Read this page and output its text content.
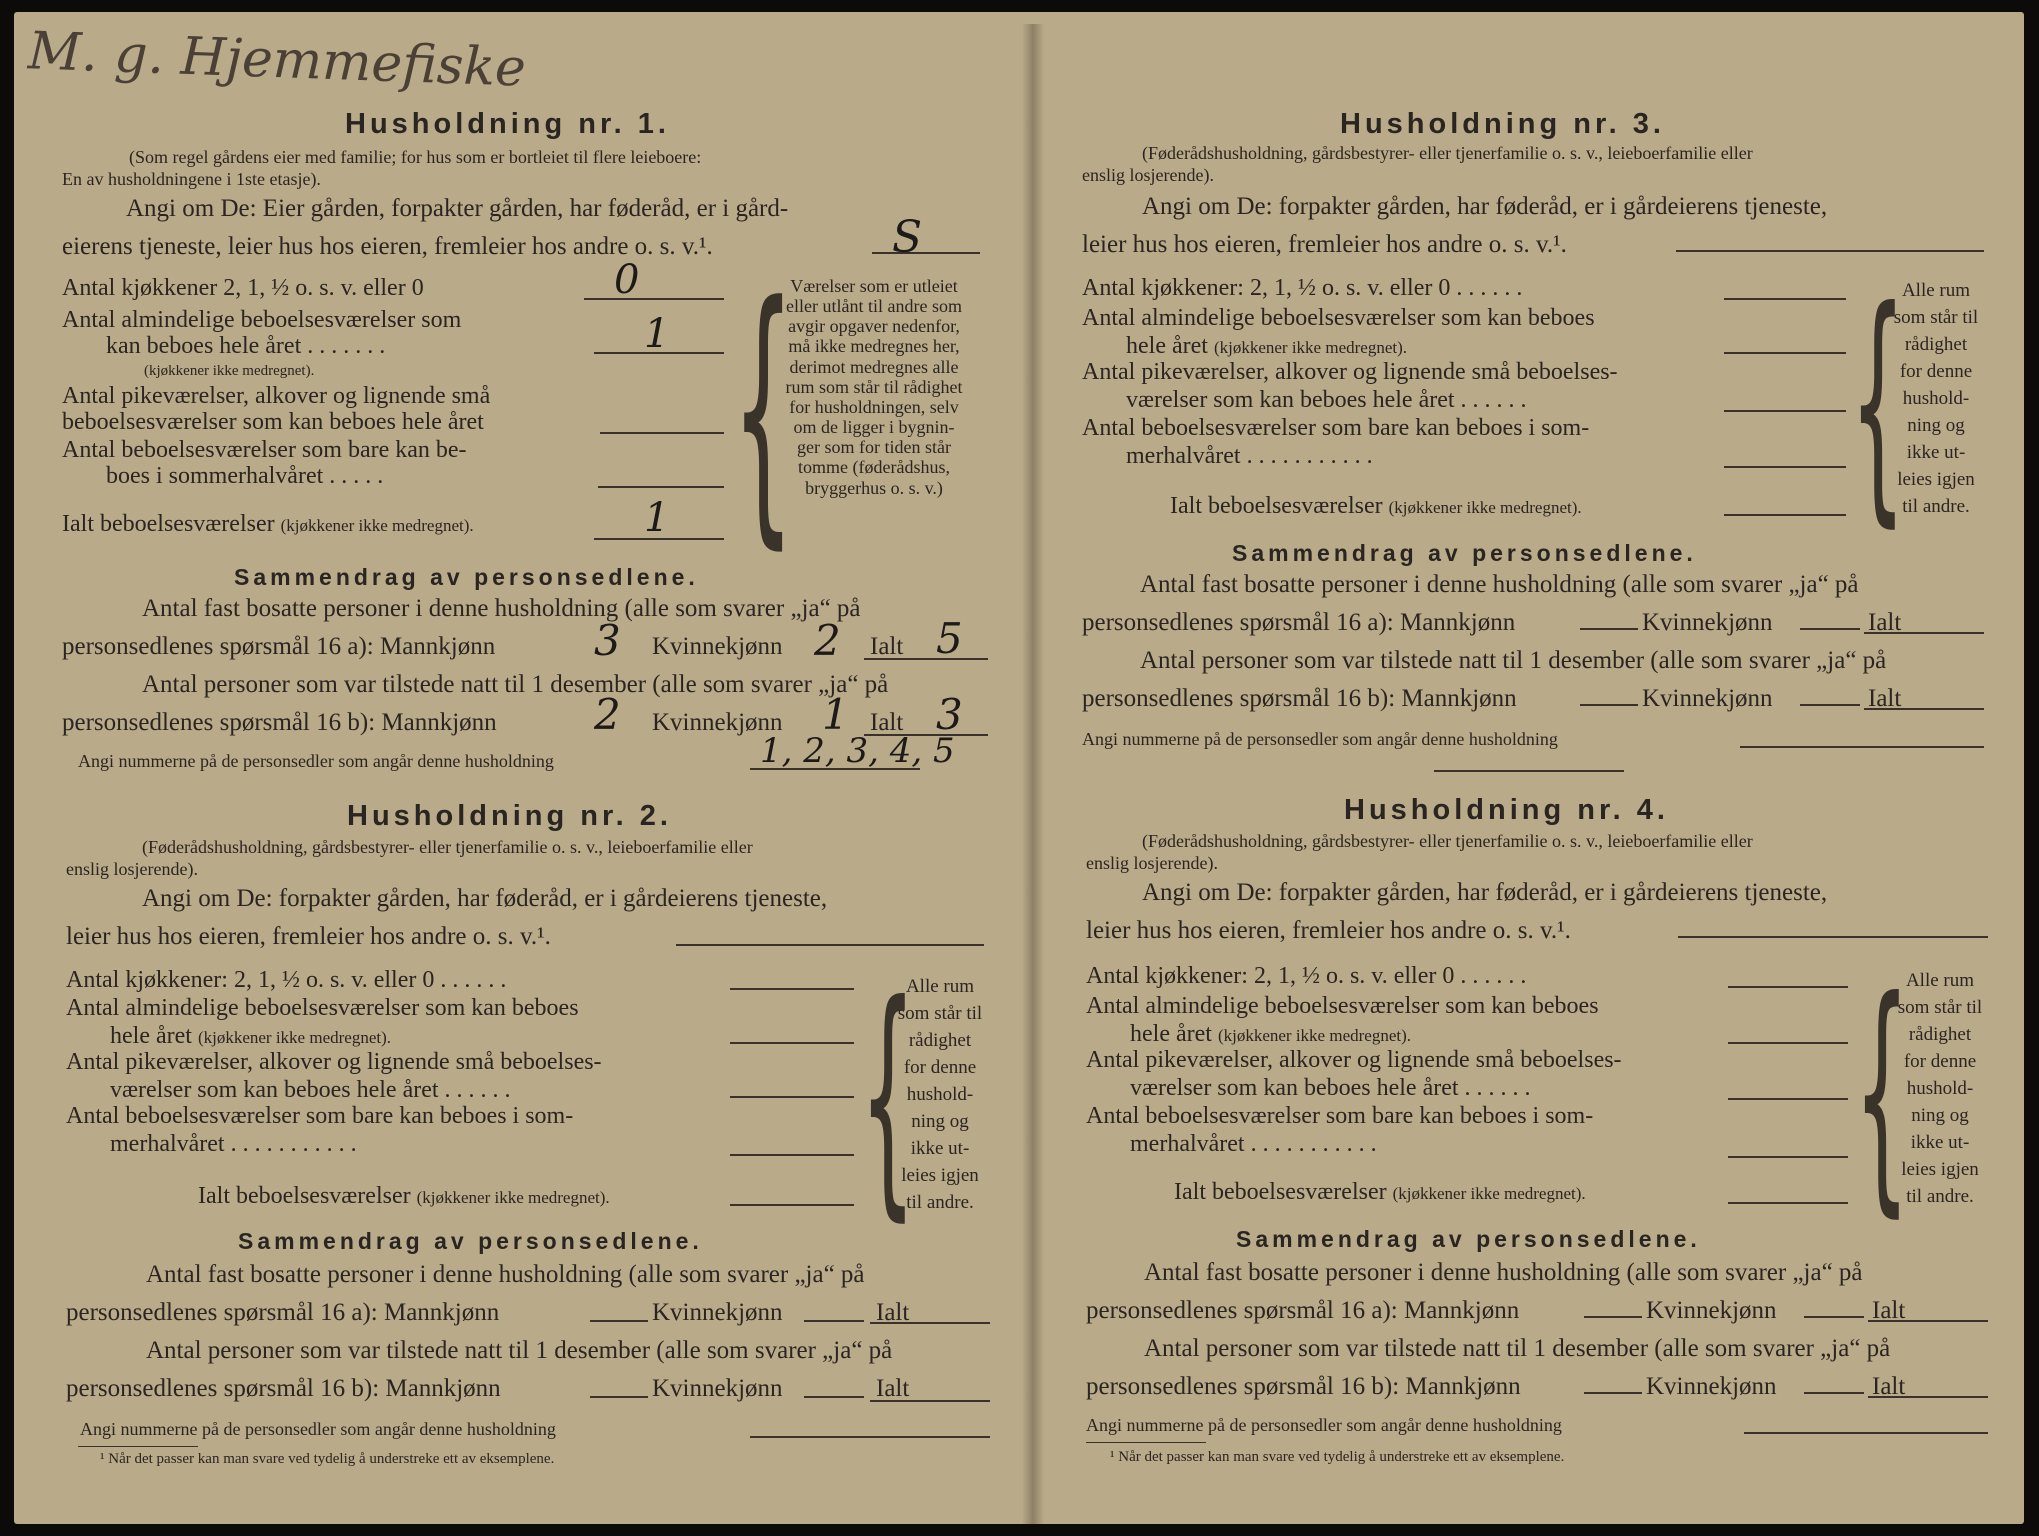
M. g. Hjemmefiske
Husholdning nr. 1.
(Som regel gårdens eier med familie; for hus som er bortleiet til flere leieboere:
En av husholdningene i 1ste etasje).
Angi om De: Eier gården, forpakter gården, har føderåd, er i gård-
eierens tjeneste, leier hus hos eieren, fremleier hos andre o. s. v.¹.	S
Antal kjøkkener 2, 1, ½ o. s. v. eller 0	0
Antal almindelige beboelsesværelser som
kan beboes hele året . . . . . . .	1
(kjøkkener ikke medregnet).
Antal pikeværelser, alkover og lignende små
beboelsesværelser som kan beboes hele året
Antal beboelsesværelser som bare kan be-
boes i sommerhalvåret . . . . .
Ialt beboelsesværelser (kjøkkener ikke medregnet).	1 {
Værelser som er utleiet
eller utlånt til andre som
avgir opgaver nedenfor,
må ikke medregnes her,
derimot medregnes alle
rum som står til rådighet
for husholdningen, selv
om de ligger i bygnin-
ger som for tiden står
tomme (føderådshus,
bryggerhus o. s. v.)
Sammendrag av personsedlene.
Antal fast bosatte personer i denne husholdning (alle som svarer „ja“ på
personsedlenes spørsmål 16 a): Mannkjønn 3 Kvinnekjønn 2 Ialt 5
Antal personer som var tilstede natt til 1 desember (alle som svarer „ja“ på
personsedlenes spørsmål 16 b): Mannkjønn 2 Kvinnekjønn 1 Ialt 3
Angi nummerne på de personsedler som angår denne husholdning	1, 2, 3, 4, 5
Husholdning nr. 2.
(Føderådshusholdning, gårdsbestyrer- eller tjenerfamilie o. s. v., leieboerfamilie eller
enslig losjerende).
Angi om De: forpakter gården, har føderåd, er i gårdeierens tjeneste,
leier hus hos eieren, fremleier hos andre o. s. v.¹.
Antal kjøkkener: 2, 1, ½ o. s. v. eller 0 . . . . . .
Antal almindelige beboelsesværelser som kan beboes
hele året (kjøkkener ikke medregnet).
Antal pikeværelser, alkover og lignende små beboelses-
værelser som kan beboes hele året . . . . . .
Antal beboelsesværelser som bare kan beboes i som-
merhalvåret . . . . . . . . . . .
Ialt beboelsesværelser (kjøkkener ikke medregnet). {
Alle rum
som står til
rådighet
for denne
hushold-
ning og
ikke ut-
leies igjen
til andre.
Sammendrag av personsedlene.
Antal fast bosatte personer i denne husholdning (alle som svarer „ja“ på
personsedlenes spørsmål 16 a): Mannkjønn	Kvinnekjønn	Ialt
Antal personer som var tilstede natt til 1 desember (alle som svarer „ja“ på
personsedlenes spørsmål 16 b): Mannkjønn	Kvinnekjønn	Ialt
Angi nummerne på de personsedler som angår denne husholdning
¹ Når det passer kan man svare ved tydelig å understreke ett av eksemplene.
Husholdning nr. 3.
(Føderådshusholdning, gårdsbestyrer- eller tjenerfamilie o. s. v., leieboerfamilie eller
enslig losjerende).
Angi om De: forpakter gården, har føderåd, er i gårdeierens tjeneste,
leier hus hos eieren, fremleier hos andre o. s. v.¹.
Antal kjøkkener: 2, 1, ½ o. s. v. eller 0 . . . . . .
Antal almindelige beboelsesværelser som kan beboes
hele året (kjøkkener ikke medregnet).
Antal pikeværelser, alkover og lignende små beboelses-
værelser som kan beboes hele året . . . . . .
Antal beboelsesværelser som bare kan beboes i som-
merhalvåret . . . . . . . . . . .
Ialt beboelsesværelser (kjøkkener ikke medregnet). {
Alle rum
som står til
rådighet
for denne
hushold-
ning og
ikke ut-
leies igjen
til andre.
Sammendrag av personsedlene.
Antal fast bosatte personer i denne husholdning (alle som svarer „ja“ på
personsedlenes spørsmål 16 a): Mannkjønn	Kvinnekjønn	Ialt
Antal personer som var tilstede natt til 1 desember (alle som svarer „ja“ på
personsedlenes spørsmål 16 b): Mannkjønn	Kvinnekjønn	Ialt
Angi nummerne på de personsedler som angår denne husholdning
Husholdning nr. 4.
(Føderådshusholdning, gårdsbestyrer- eller tjenerfamilie o. s. v., leieboerfamilie eller
enslig losjerende).
Angi om De: forpakter gården, har føderåd, er i gårdeierens tjeneste,
leier hus hos eieren, fremleier hos andre o. s. v.¹.
Antal kjøkkener: 2, 1, ½ o. s. v. eller 0 . . . . . .
Antal almindelige beboelsesværelser som kan beboes
hele året (kjøkkener ikke medregnet).
Antal pikeværelser, alkover og lignende små beboelses-
værelser som kan beboes hele året . . . . . .
Antal beboelsesværelser som bare kan beboes i som-
merhalvåret . . . . . . . . . . .
Ialt beboelsesværelser (kjøkkener ikke medregnet). {
Alle rum
som står til
rådighet
for denne
hushold-
ning og
ikke ut-
leies igjen
til andre.
Sammendrag av personsedlene.
Antal fast bosatte personer i denne husholdning (alle som svarer „ja“ på
personsedlenes spørsmål 16 a): Mannkjønn	Kvinnekjønn	Ialt
Antal personer som var tilstede natt til 1 desember (alle som svarer „ja“ på
personsedlenes spørsmål 16 b): Mannkjønn	Kvinnekjønn	Ialt
Angi nummerne på de personsedler som angår denne husholdning
¹ Når det passer kan man svare ved tydelig å understreke ett av eksemplene.
